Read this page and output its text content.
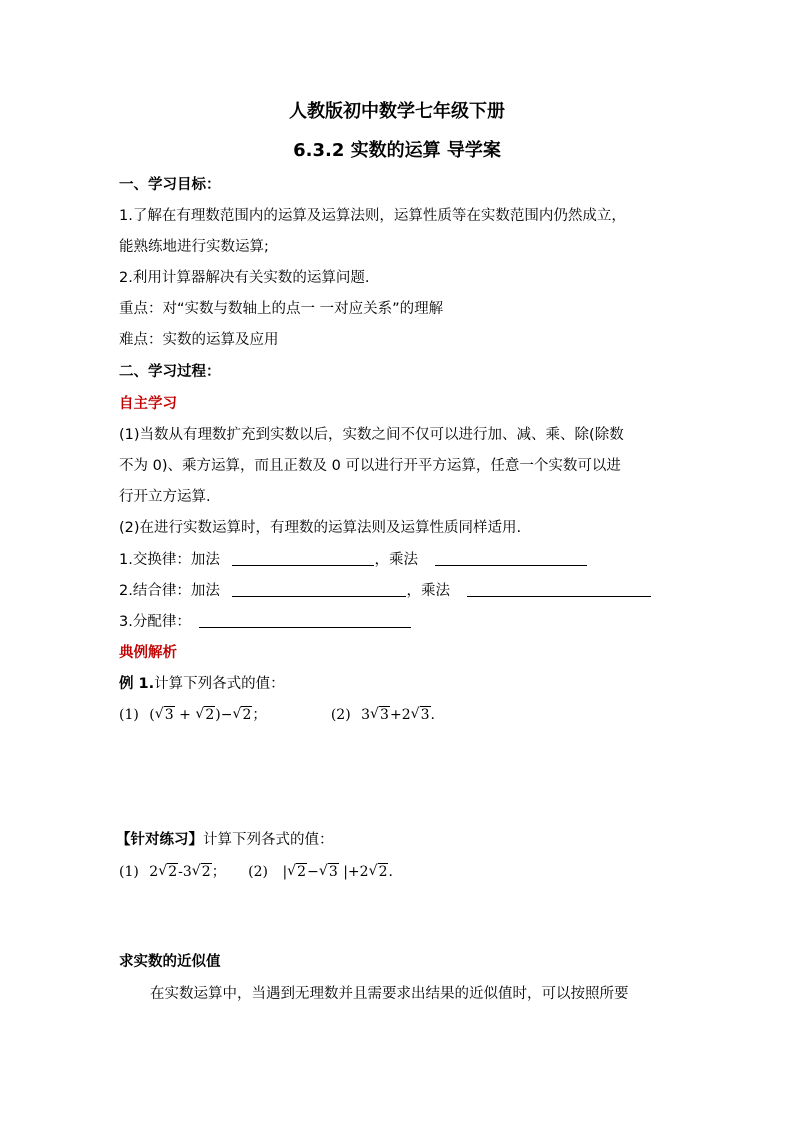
人教版初中数学七年级下册
6.3.2 实数的运算 导学案
一、学习目标：
1.了解在有理数范围内的运算及运算法则，运算性质等在实数范围内仍然成立，
能熟练地进行实数运算;
2.利用计算器解决有关实数的运算问题.
重点：对“实数与数轴上的点一 一对应关系”的理解
难点：实数的运算及应用
二、学习过程：
自主学习
(1)当数从有理数扩充到实数以后，实数之间不仅可以进行加、减、乘、除(除数
不为 0)、乘方运算，而且正数及 0 可以进行开平方运算，任意一个实数可以进
行开立方运算.
(2)在进行实数运算时，有理数的运算法则及运算性质同样适用.
1.交换律：加法	，乘法
2.结合律：加法	，乘法
3.分配律：
典例解析
例 1.计算下列各式的值：
(1) ( √ 3 + √ 2)− √ 2；	(2) 3 √ 3+2 √ 3.
【针对练习】计算下列各式的值：
(1) 2 √ 2-3 √ 2； (2) | √ 2− √ 3 |+2 √ 2.
求实数的近似值
在实数运算中，当遇到无理数并且需要求出结果的近似值时，可以按照所要
